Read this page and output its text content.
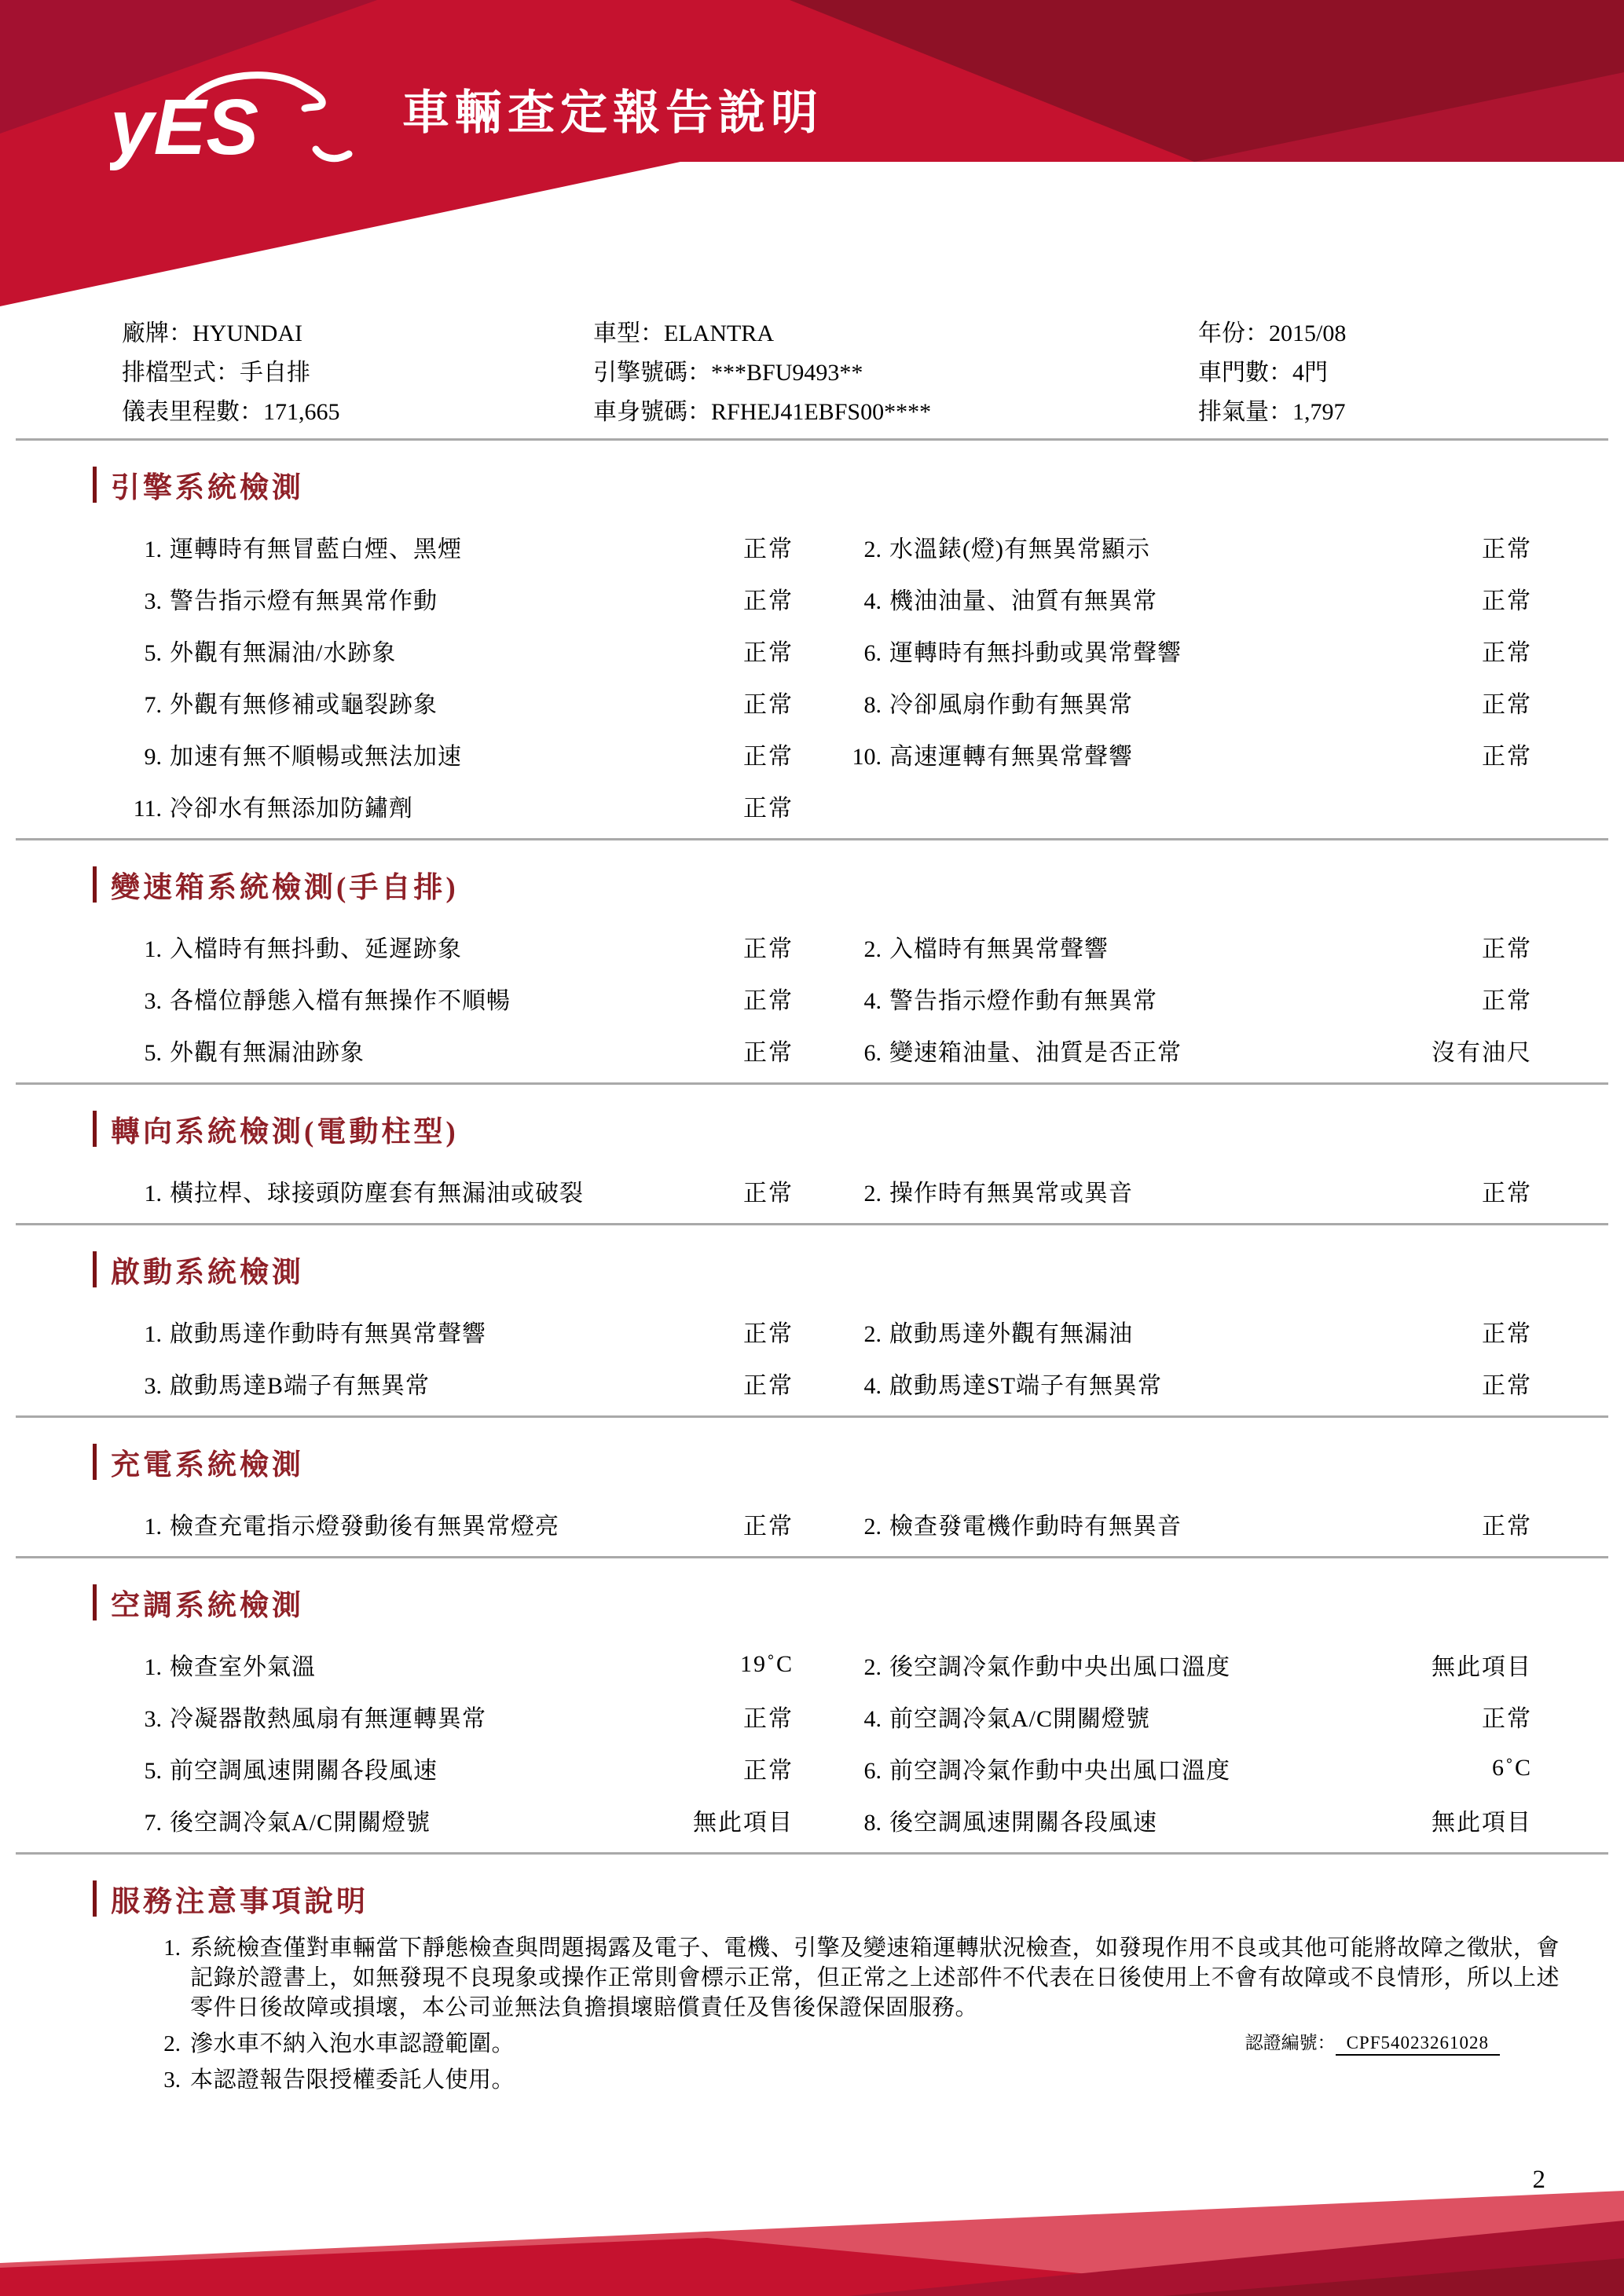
yES	車輛查定報告說明
2
認證編號： CPF54023261028
廠牌：HYUNDAI	車型：ELANTRA	年份：2015/08
排檔型式：手自排	引擎號碼：***BFU9493**	車門數：4門
儀表里程數：171,665	車身號碼：RFHEJ41EBFS00****	排氣量：1,797
引擎系統檢測
1. 運轉時有無冒藍白煙、黑煙	正常	2. 水溫錶(燈)有無異常顯示	正常
3. 警告指示燈有無異常作動	正常	4. 機油油量、油質有無異常	正常
5. 外觀有無漏油/水跡象	正常	6. 運轉時有無抖動或異常聲響	正常
7. 外觀有無修補或龜裂跡象	正常	8. 冷卻風扇作動有無異常	正常
9. 加速有無不順暢或無法加速	正常	10. 高速運轉有無異常聲響	正常
11. 冷卻水有無添加防鏽劑	正常
變速箱系統檢測(手自排)
1. 入檔時有無抖動、延遲跡象	正常	2. 入檔時有無異常聲響	正常
3. 各檔位靜態入檔有無操作不順暢	正常	4. 警告指示燈作動有無異常	正常
5. 外觀有無漏油跡象	正常	6. 變速箱油量、油質是否正常	沒有油尺
轉向系統檢測(電動柱型)
1. 橫拉桿、球接頭防塵套有無漏油或破裂	正常	2. 操作時有無異常或異音	正常
啟動系統檢測
1. 啟動馬達作動時有無異常聲響	正常	2. 啟動馬達外觀有無漏油	正常
3. 啟動馬達B端子有無異常	正常	4. 啟動馬達ST端子有無異常	正常
充電系統檢測
1. 檢查充電指示燈發動後有無異常燈亮	正常	2. 檢查發電機作動時有無異音	正常
空調系統檢測
1. 檢查室外氣溫	19˚C	2. 後空調冷氣作動中央出風口溫度	無此項目
3. 冷凝器散熱風扇有無運轉異常	正常	4. 前空調冷氣A/C開關燈號	正常
5. 前空調風速開關各段風速	正常	6. 前空調冷氣作動中央出風口溫度	6˚C
7. 後空調冷氣A/C開關燈號	無此項目	8. 後空調風速開關各段風速	無此項目
服務注意事項說明
1. 系統檢查僅對車輛當下靜態檢查與問題揭露及電子、電機、引擎及變速箱運轉狀況檢查，如發現作用不良或其他可能將故障之徵狀，會記錄於證書上，如無發現不良現象或操作正常則會標示正常，但正常之上述部件不代表在日後使用上不會有故障或不良情形，所以上述零件日後故障或損壞，本公司並無法負擔損壞賠償責任及售後保證保固服務。

2. 滲水車不納入泡水車認證範圍。

3. 本認證報告限授權委託人使用。
